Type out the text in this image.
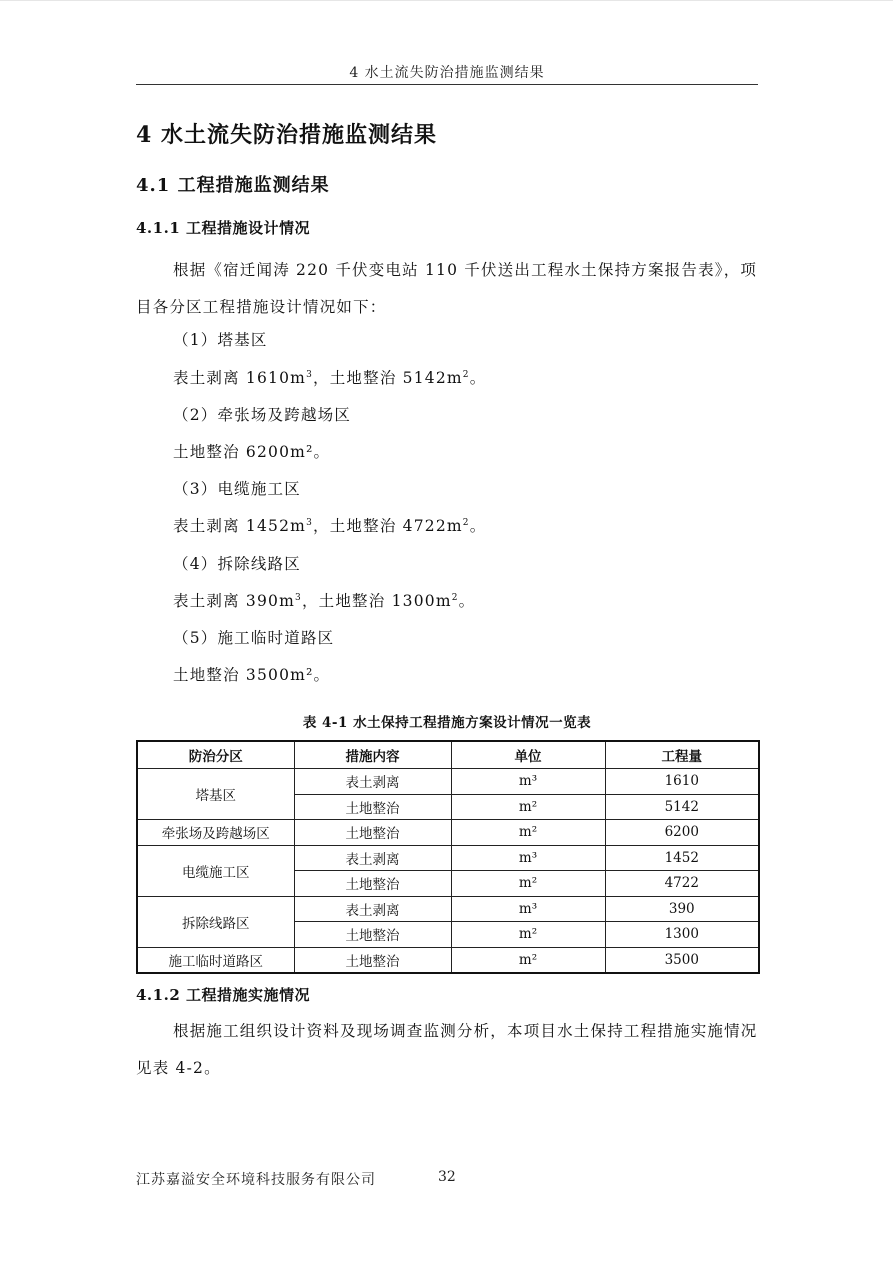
4 水土流失防治措施监测结果
4 水土流失防治措施监测结果
4.1 工程措施监测结果
4.1.1 工程措施设计情况
根据《宿迁闻涛 220 千伏变电站 110 千伏送出工程水土保持方案报告表》，项目各分区工程措施设计情况如下：
（1）塔基区
表土剥离 $1610m^3$，土地整治 $5142m^2$。
（2）牵张场及跨越场区
土地整治 6200m²。
（3）电缆施工区
表土剥离 $1452m^3$，土地整治 $4722m^2$。
（4）拆除线路区
表土剥离 $390m^3$，土地整治 $1300m^2$。
（5）施工临时道路区
土地整治 3500m²。
表 4-1 水土保持工程措施方案设计情况一览表
防治分区	措施内容	单位	工程量
塔基区	表土剥离	m³	1610
	土地整治	m²	5142
牵张场及跨越场区	土地整治	m²	6200
电缆施工区	表土剥离	m³	1452
	土地整治	m²	4722
拆除线路区	表土剥离	m³	390
	土地整治	m²	1300
施工临时道路区	土地整治	m²	3500
4.1.2 工程措施实施情况
根据施工组织设计资料及现场调查监测分析，本项目水土保持工程措施实施情况见表 4-2。
江苏嘉溢安全环境科技服务有限公司	32
